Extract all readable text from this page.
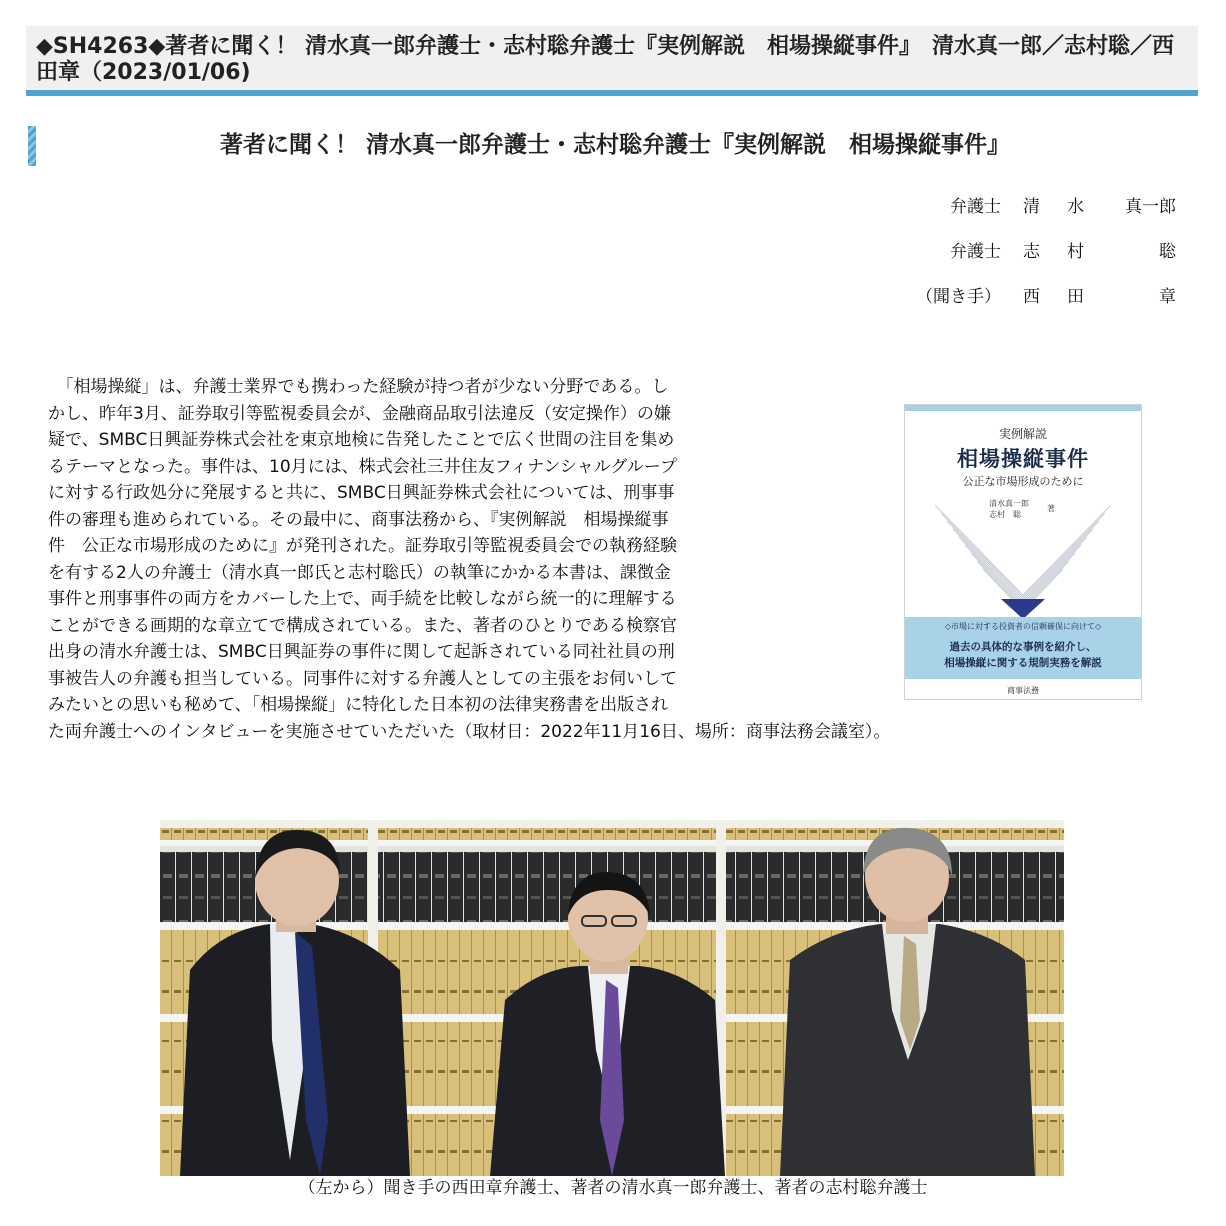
◆SH4263◆著者に聞く！ 清水真一郎弁護士・志村聡弁護士『実例解説　相場操縦事件』　清水真一郎／志村聡／西田章（2023/01/06)
著者に聞く！ 清水真一郎弁護士・志村聡弁護士『実例解説　相場操縦事件』
弁護士 清 水 真一郎
弁護士 志 村	聡
（聞き手） 西 田	章

　「相場操縦」は、弁護士業界でも携わった経験が持つ者が少ない分野である。し
かし、昨年3月、証券取引等監視委員会が、金融商品取引法違反（安定操作）の嫌
疑で、SMBC日興証券株式会社を東京地検に告発したことで広く世間の注目を集め
るテーマとなった。事件は、10月には、株式会社三井住友フィナンシャルグループ
に対する行政処分に発展すると共に、SMBC日興証券株式会社については、刑事事
件の審理も進められている。その最中に、商事法務から、『実例解説　相場操縦事
件　公正な市場形成のために』が発刊された。証券取引等監視委員会での執務経験
を有する2人の弁護士（清水真一郎氏と志村聡氏）の執筆にかかる本書は、課徴金
事件と刑事事件の両方をカバーした上で、両手続を比較しながら統一的に理解する
ことができる画期的な章立てで構成されている。また、著者のひとりである検察官
出身の清水弁護士は、SMBC日興証券の事件に関して起訴されている同社社員の刑
事被告人の弁護も担当している。同事件に対する弁護人としての主張をお伺いして
みたいとの思いも秘めて、「相場操縦」に特化した日本初の法律実務書を出版され
た両弁護士へのインタビューを実施させていただいた（取材日：2022年11月16日、場所：商事法務会議室）。

実例解説
相場操縦事件
公正な市場形成のために
清水真一郎
志村　聡
著
◇市場に対する投資者の信頼確保に向けて◇
過去の具体的な事例を紹介し、
相場操縦に関する規制実務を解説
商事法務

（左から）聞き手の西田章弁護士、著者の清水真一郎弁護士、著者の志村聡弁護士
